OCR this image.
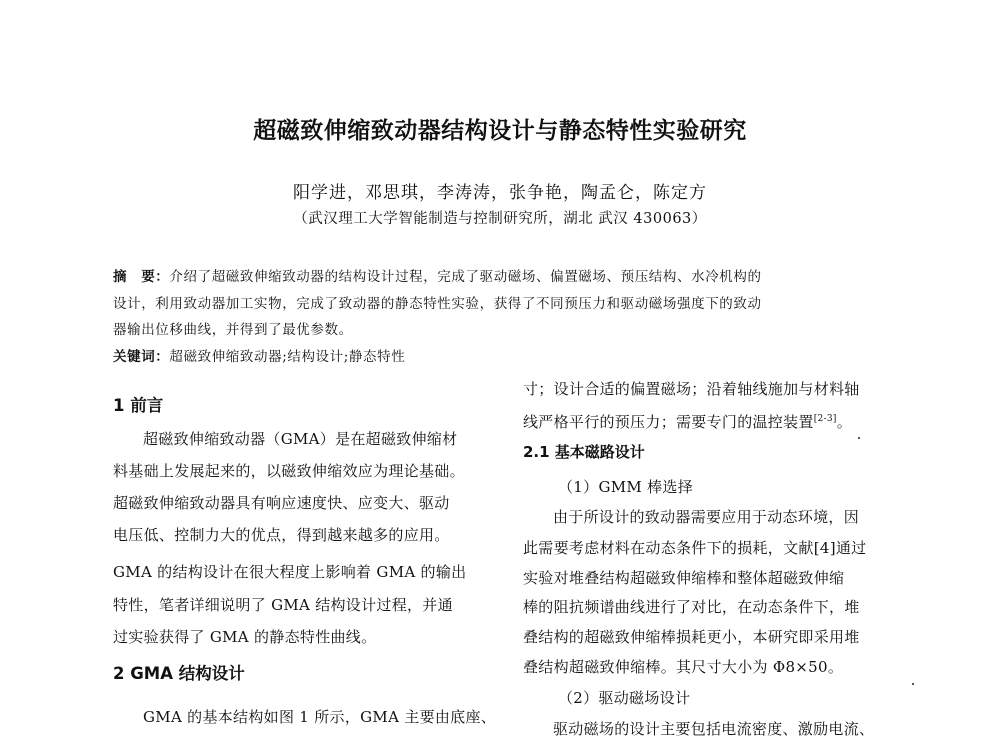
超磁致伸缩致动器结构设计与静态特性实验研究
阳学进，邓思琪，李涛涛，张争艳，陶孟仑，陈定方
（武汉理工大学智能制造与控制研究所，湖北 武汉 430063）
摘　要：介绍了超磁致伸缩致动器的结构设计过程，完成了驱动磁场、偏置磁场、预压结构、水冷机构的
设计，利用致动器加工实物，完成了致动器的静态特性实验，获得了不同预压力和驱动磁场强度下的致动
器输出位移曲线，并得到了最优参数。
关键词：超磁致伸缩致动器;结构设计;静态特性
1 前言
超磁致伸缩致动器（GMA）是在超磁致伸缩材
料基础上发展起来的，以磁致伸缩效应为理论基础。
超磁致伸缩致动器具有响应速度快、应变大、驱动
电压低、控制力大的优点，得到越来越多的应用。
GMA 的结构设计在很大程度上影响着 GMA 的输出
特性，笔者详细说明了 GMA 结构设计过程，并通
过实验获得了 GMA 的静态特性曲线。
2 GMA 结构设计
GMA 的基本结构如图 1 所示，GMA 主要由底座、
寸；设计合适的偏置磁场；沿着轴线施加与材料轴
线严格平行的预压力；需要专门的温控装置[2-3]。
2.1 基本磁路设计
（1）GMM 棒选择
由于所设计的致动器需要应用于动态环境，因
此需要考虑材料在动态条件下的损耗，文献[4]通过
实验对堆叠结构超磁致伸缩棒和整体超磁致伸缩
棒的阻抗频谱曲线进行了对比，在动态条件下，堆
叠结构的超磁致伸缩棒损耗更小，本研究即采用堆
叠结构超磁致伸缩棒。其尺寸大小为 Φ8×50。
（2）驱动磁场设计
驱动磁场的设计主要包括电流密度、激励电流、
